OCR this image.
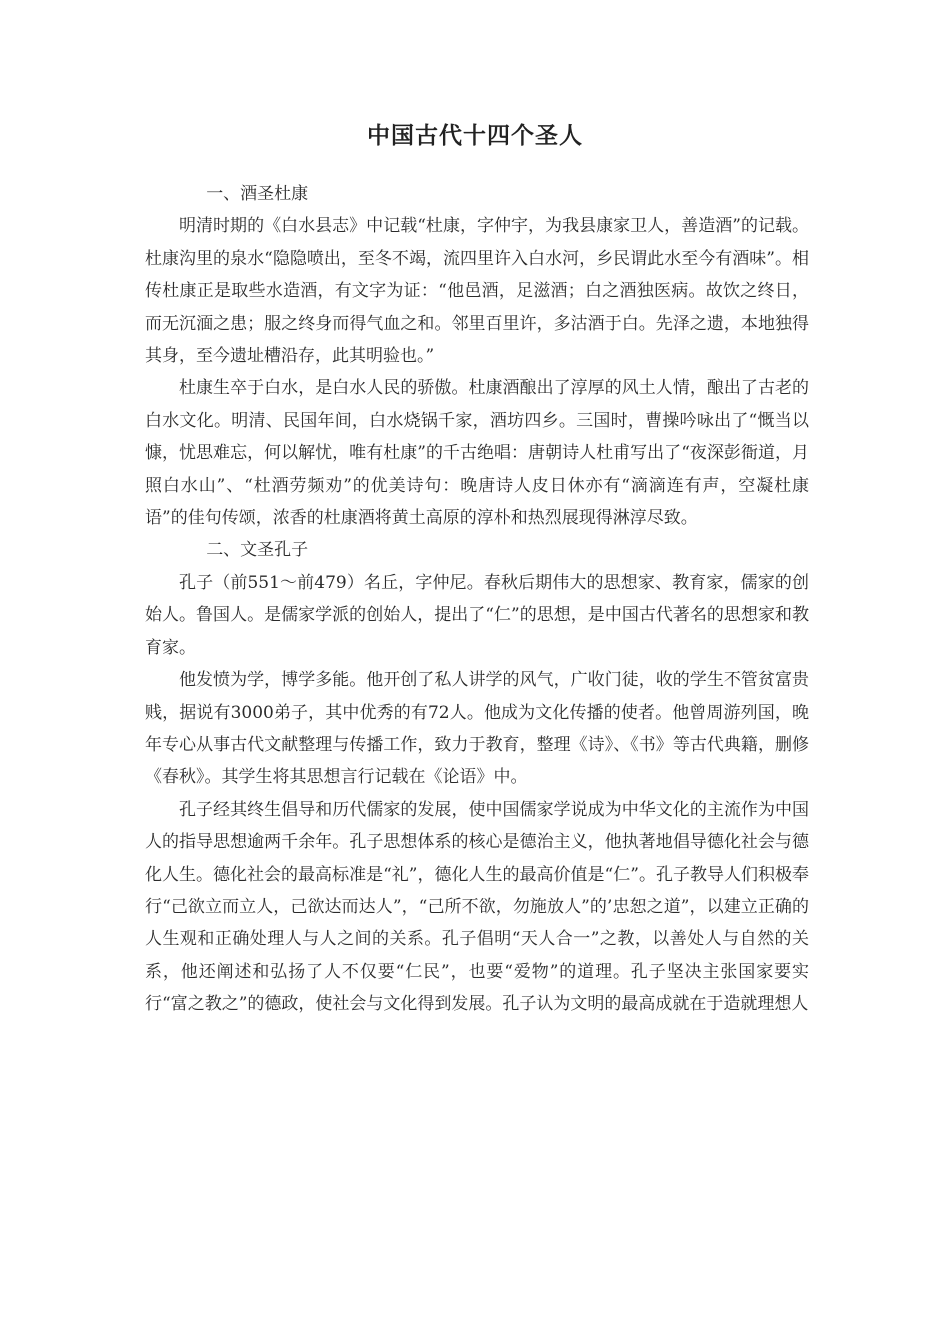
中国古代十四个圣人

一、酒圣杜康

明清时期的《白水县志》中记载“杜康，字仲宇，为我县康家卫人，善造酒”的记载。杜康沟里的泉水“隐隐喷出，至冬不竭，流四里许入白水河，乡民谓此水至今有酒味”。相传杜康正是取些水造酒，有文字为证：“他邑酒，足滋酒；白之酒独医病。故饮之终日，而无沉湎之患；服之终身而得气血之和。邻里百里许，多沽酒于白。先泽之遗，本地独得其身，至今遗址槽沿存，此其明验也。”

杜康生卒于白水，是白水人民的骄傲。杜康酒酿出了淳厚的风土人情，酿出了古老的白水文化。明清、民国年间，白水烧锅千家，酒坊四乡。三国时，曹操吟咏出了“慨当以慷，忧思难忘，何以解忧，唯有杜康”的千古绝唱：唐朝诗人杜甫写出了“夜深彭衙道，月照白水山”、“杜酒劳频劝”的优美诗句：晚唐诗人皮日休亦有“滴滴连有声，空凝杜康语”的佳句传颂，浓香的杜康酒将黄土高原的淳朴和热烈展现得淋淳尽致。

二、文圣孔子

孔子（前551～前479）名丘，字仲尼。春秋后期伟大的思想家、教育家，儒家的创始人。鲁国人。是儒家学派的创始人，提出了“仁”的思想，是中国古代著名的思想家和教育家。

他发愤为学，博学多能。他开创了私人讲学的风气，广收门徒，收的学生不管贫富贵贱，据说有3000弟子，其中优秀的有72人。他成为文化传播的使者。他曾周游列国，晚年专心从事古代文献整理与传播工作，致力于教育，整理《诗》、《书》等古代典籍，删修《春秋》。其学生将其思想言行记载在《论语》中。

孔子经其终生倡导和历代儒家的发展，使中国儒家学说成为中华文化的主流作为中国人的指导思想逾两千余年。孔子思想体系的核心是德治主义，他执著地倡导德化社会与德化人生。德化社会的最高标准是“礼”，德化人生的最高价值是“仁”。孔子教导人们积极奉行“己欲立而立人，己欲达而达人”，“己所不欲，勿施放人”的’忠恕之道”，以建立正确的人生观和正确处理人与人之间的关系。孔子倡明“天人合一”之教，以善处人与自然的关系，他还阐述和弘扬了人不仅要“仁民”，也要“爱物”的道理。孔子坚决主张国家要实行“富之教之”的德政，使社会与文化得到发展。孔子认为文明的最高成就在于造就理想人
